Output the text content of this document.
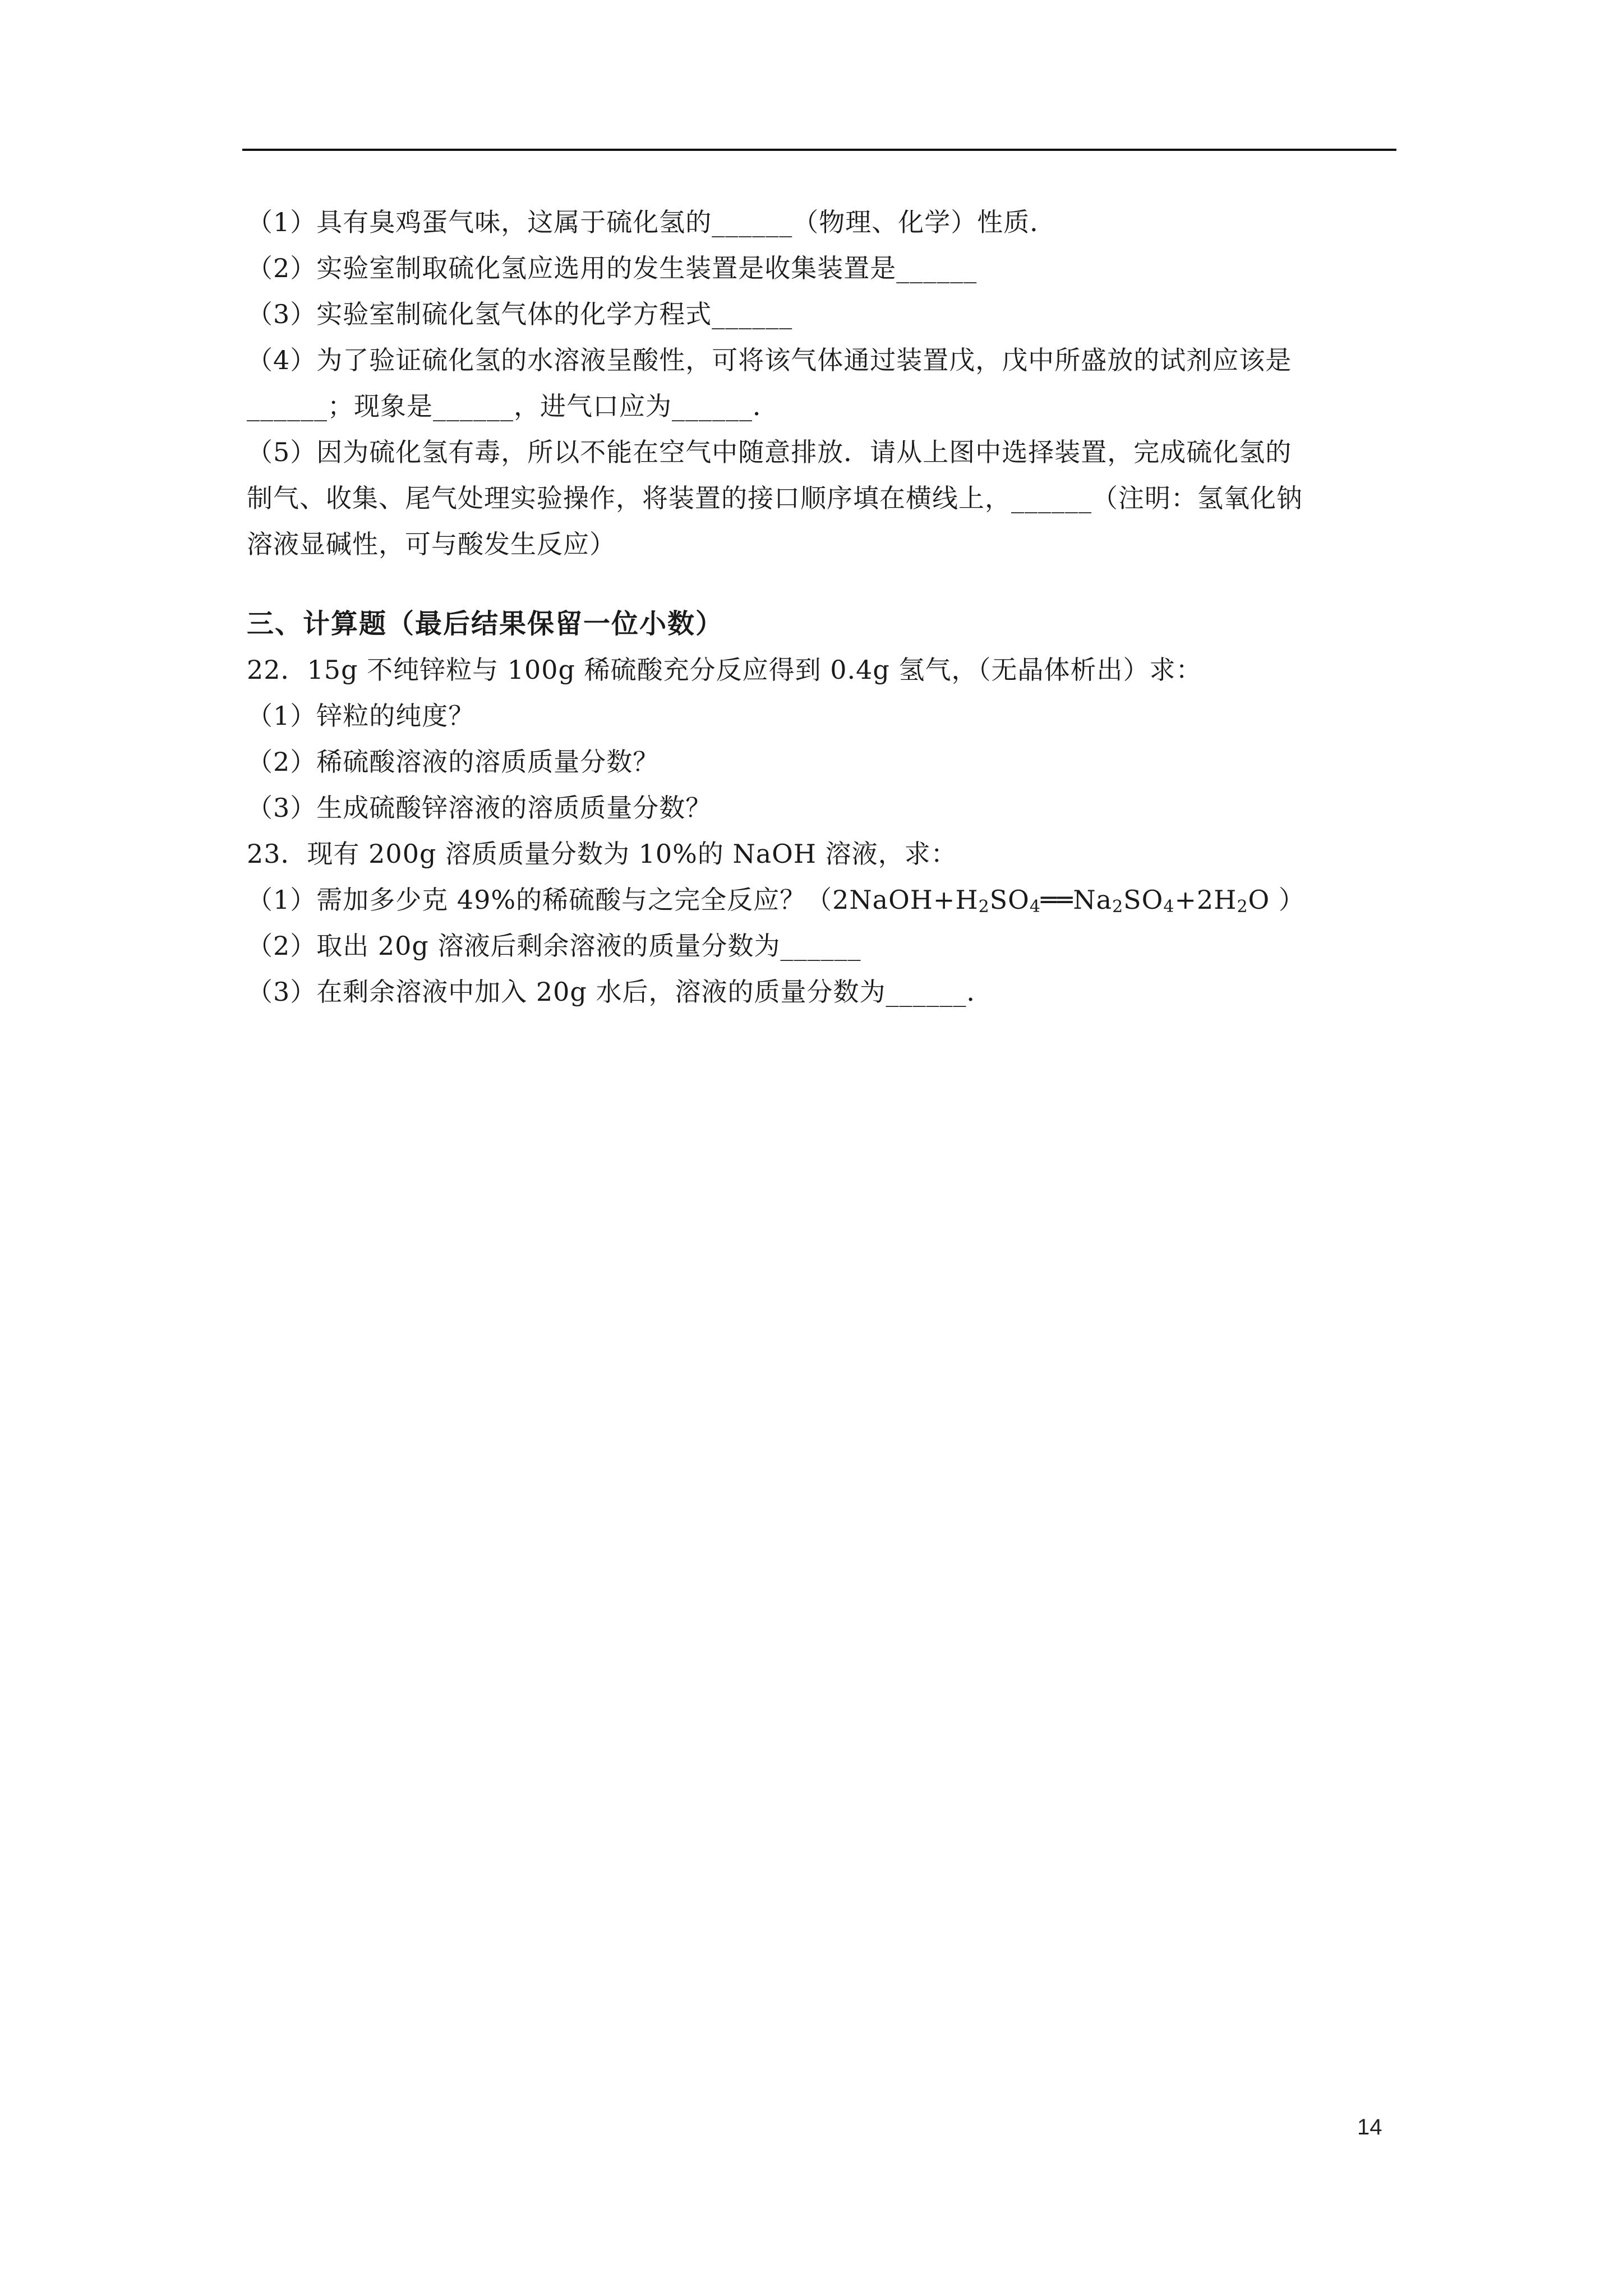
（1）具有臭鸡蛋气味，这属于硫化氢的______（物理、化学）性质．
（2）实验室制取硫化氢应选用的发生装置是收集装置是______
（3）实验室制硫化氢气体的化学方程式______
（4）为了验证硫化氢的水溶液呈酸性，可将该气体通过装置戊，戊中所盛放的试剂应该是
______；现象是______，进气口应为______．
（5）因为硫化氢有毒，所以不能在空气中随意排放．请从上图中选择装置，完成硫化氢的
制气、收集、尾气处理实验操作，将装置的接口顺序填在横线上，______（注明：氢氧化钠
溶液显碱性，可与酸发生反应）
三、计算题（最后结果保留一位小数）
22．15g 不纯锌粒与 100g 稀硫酸充分反应得到 0.4g 氢气，（无晶体析出）求：
（1）锌粒的纯度？
（2）稀硫酸溶液的溶质质量分数？
（3）生成硫酸锌溶液的溶质质量分数？
23．现有 200g 溶质质量分数为 10%的 NaOH 溶液，求：
（1）需加多少克 49%的稀硫酸与之完全反应？（$2NaOH+H_2SO_4══Na_2SO_4+2H_2O$ ）
（2）取出 20g 溶液后剩余溶液的质量分数为______
（3）在剩余溶液中加入 20g 水后，溶液的质量分数为______．
14
